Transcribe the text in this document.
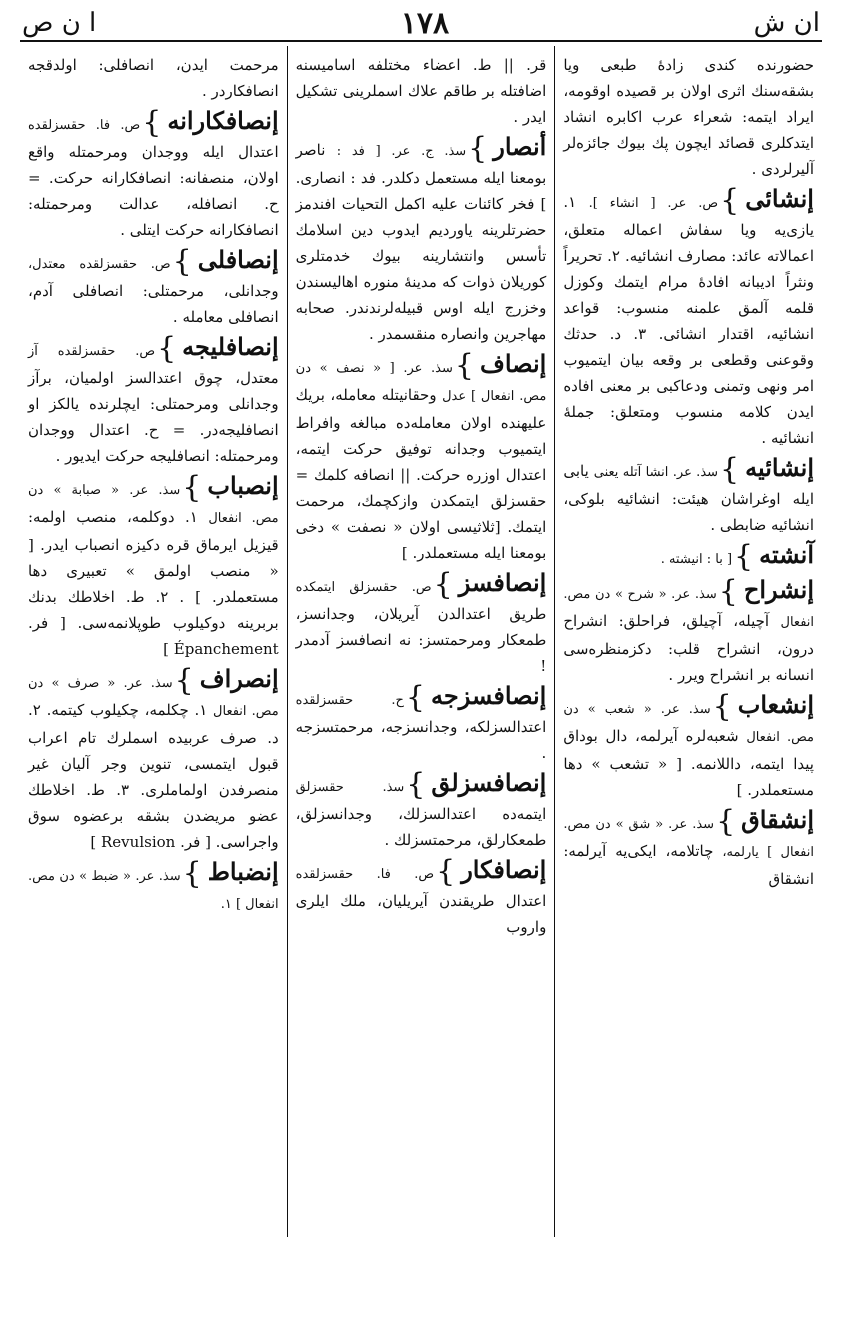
ا ن ص	١٧٨	ان ش

حضورنده كندى زادهٔ طبعى ويا بشقه‌سنك اثرى اولان بر قصيده اوقومه، ايراد ايتمه: شعراء عرب اكابره انشاد ايتدكلرى قصائد ايچون پك بيوك جائزه‌لر آليرلردى .

إنشائى}ص. عر. [ انشاء ]. ١. يازى‌يه ويا سفاش اعماله متعلق، اعمالاته عائد: مصارف انشائيه. ٢. تحريراً ونثراً اديبانه افادهٔ مرام ايتمك وكوزل قلمه آلمق علمنه منسوب: قواعد انشائيه، اقتدار انشائى. ٣. د. حدثك وقوعنى وقطعى بر وقعه بيان ايتميوب امر ونهى وتمنى ودعاكبى بر معنى افاده ايدن كلامه منسوب ومتعلق: جملهٔ انشائيه .

إنشائيه}سذ. عر. انشا آتله يعنى يابى ايله اوغراشان هيئت: انشائيه بلوكى، انشائيه ضابطى .

آنشته}[ با : انيشته .

إنشراح}سذ. عر. « شرح » دن مص. انفعال آچيله، آچيلق، فراحلق: انشراح درون، انشراح قلب: دكزمنظره‌سى انسانه بر انشراح ويرر .

إنشعاب}سذ. عر. « شعب » دن مص. انفعال شعبه‌لره آيرلمه، دال بوداق پيدا ايتمه، داللانمه. [ « تشعب » دها مستعملدر. ]

إنشقاق}سذ. عر. « شق » دن مص. انفعال ] يارلمه، چاتلامه، ايكى‌يه آيرلمه: انشقاق

قر. || ط. اعضاء مختلفه اساميسنه اضافتله بر طاقم علاك اسملرينى تشكيل ايدر .

أنصار}سذ. ج. عر. [ فد : ناصر بومعنا ايله مستعمل دكلدر. فد : انصارى. ] فخر كائنات عليه اكمل التحيات افندمز حضرتلرينه ياورديم ايدوب دين اسلامك تأسس وانتشارينه بيوك خدمتلرى كوريلان ذوات كه مدينهٔ منوره اهاليسندن وخزرج ايله اوس قبيله‌لرندندر. صحابه مهاجرين وانصاره منقسمدر .

إنصاف}سذ. عر. [ « نصف » دن مص. انفعال ] عدل وحقانيتله معامله، بريك عليهنده اولان معامله‌ده مبالغه وافراط ايتميوب وجدانه توفيق حركت ايتمه، اعتدال اوزره حركت. || انصافه كلمك = حقسزلق ايتمكدن وازكچمك، مرحمت ايتمك. [ثلاثيسى اولان « نصفت » دخى بومعنا ايله مستعملدر. ]

إنصافسز}ص. حقسزلق ايتمكده طريق اعتدالدن آيريلان، وجدانسز، طمعكار ومرحمتسز: نه انصافسز آدمدر !

إنصافسزجه}ح. حقسزلقده اعتدالسزلكه، وجدانسزجه، مرحمتسزجه .

إنصافسزلق}سذ. حقسزلق ايتمه‌ده اعتدالسزلك، وجدانسزلق، طمعكارلق، مرحمتسزلك .

إنصافكار}ص. فا. حقسزلقده اعتدال طريقندن آيريليان، ملك ايلرى واروب

مرحمت ايدن، انصافلى: اولدقجه انصافكاردر .

إنصافكارانه}ص. فا. حقسزلقده اعتدال ايله ووجدان ومرحمتله واقع اولان، منصفانه: انصافكارانه حركت. = ح. انصافله، عدالت ومرحمتله: انصافكارانه حركت ايتلى .

إنصافلى}ص. حقسزلقده معتدل، وجدانلى، مرحمتلى: انصافلى آدم، انصافلى معامله .

إنصافليجه}ص. حقسزلقده آز معتدل، چوق اعتدالسز اولميان، برآز وجدانلى ومرحمتلى: ايچلرنده يالكز او انصافليجه‌در. = ح. اعتدال ووجدان ومرحمتله: انصافليجه حركت ايديور .

إنصباب}سذ. عر. « صبابة » دن مص. انفعال ١. دوكلمه، منصب اولمه: قيزيل ايرماق قره دكيزه انصباب ايدر. [ « منصب اولمق » تعبيرى دها مستعملدر. ] . ٢. ط. اخلاطك بدنك بربرينه دوكيلوب طوپلانمه‌سى. [ فر. Épanchement ]

إنصراف}سذ. عر. « صرف » دن مص. انفعال ١. چكلمه، چكيلوب كيتمه. ٢. د. صرف عربيده اسملرك تام اعراب قبول ايتمسى، تنوين وجر آليان غير منصرفدن اولماملرى. ٣. ط. اخلاطك عضو مريضدن بشقه برعضوه سوق واجراسى. [ فر. Revulsion ]

إنضباط}سذ. عر. « ضبط » دن مص. انفعال ] ١.
